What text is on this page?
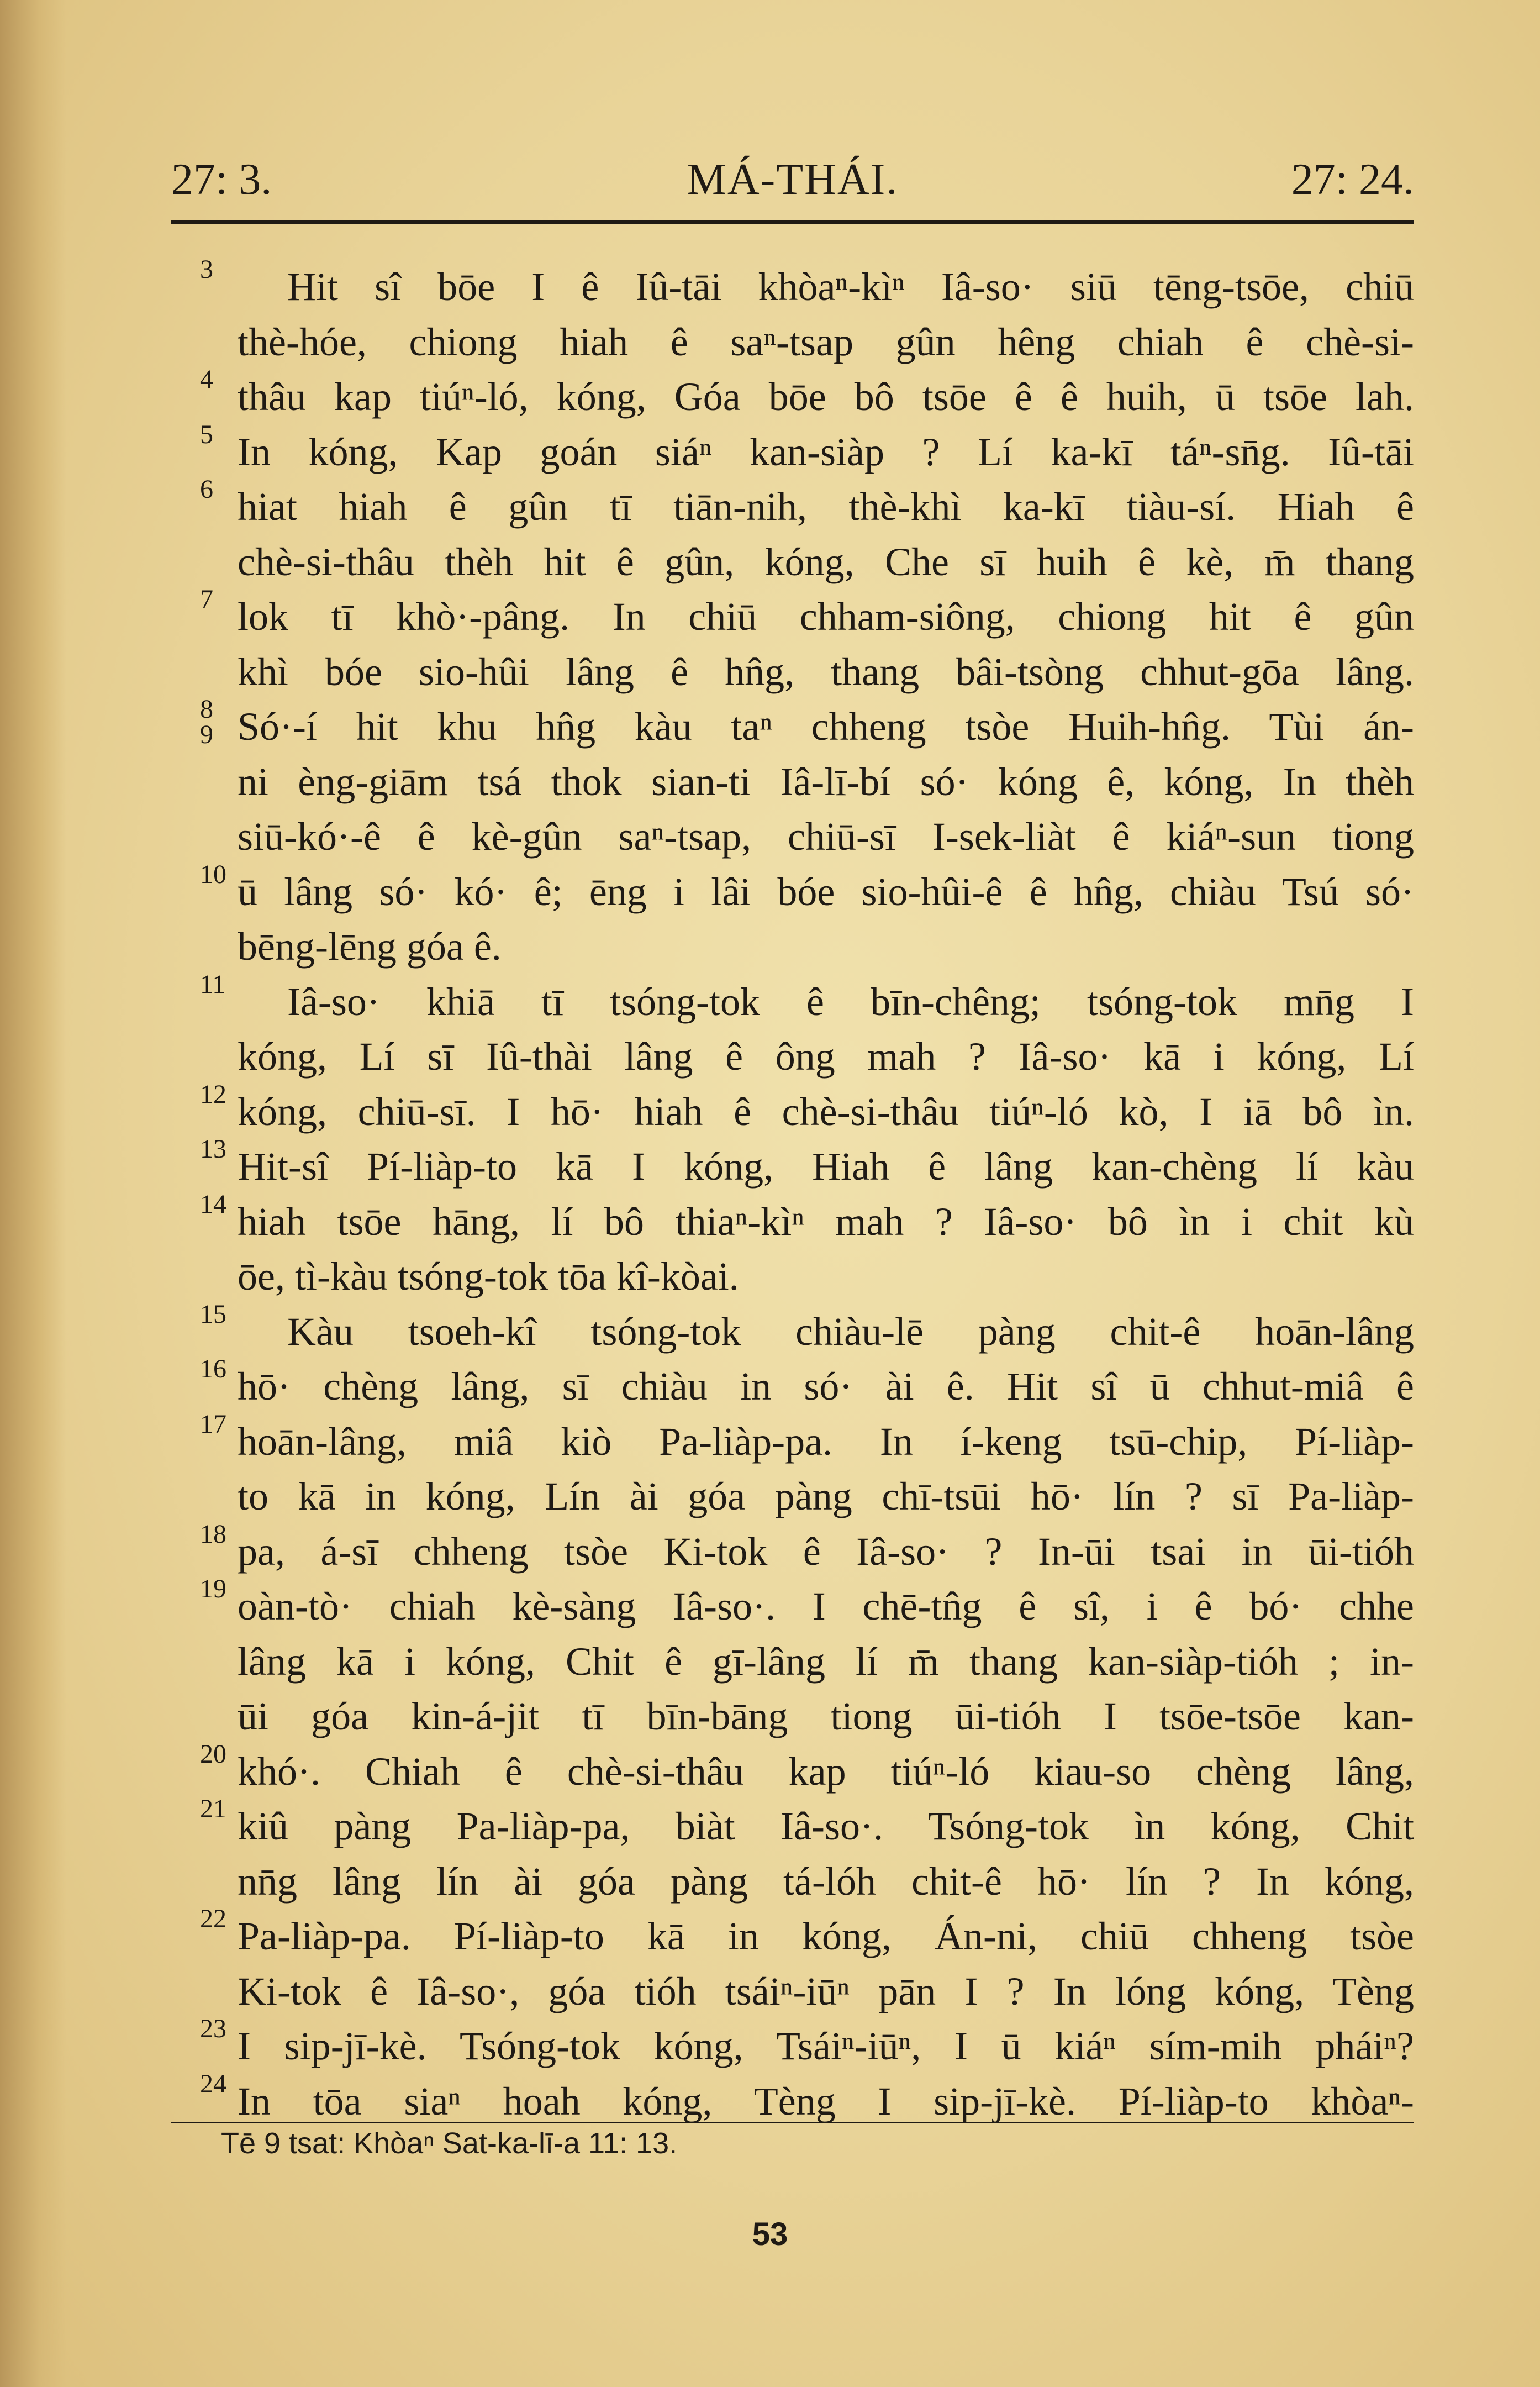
27: 3.	MÁ-THÁI.	27: 24.
3 Hit sî bōe I ê Iû-tāi khòaⁿ-kìⁿ Iâ-so· siū tēng-tsōe, chiū
thè-hóe, chiong hiah ê saⁿ-tsap gûn hêng chiah ê chè-si-
4 thâu kap tiúⁿ-ló, kóng, Góa bōe bô tsōe ê ê huih, ū tsōe lah.
5 In kóng, Kap goán siáⁿ kan-siàp ? Lí ka-kī táⁿ-sn̄g. Iû-tāi
6 hiat hiah ê gûn tī tiān-nih, thè-khì ka-kī tiàu-sí. Hiah ê
chè-si-thâu thèh hit ê gûn, kóng, Che sī huih ê kè, m̄ thang
7 lok tī khò·-pâng. In chiū chham-siông, chiong hit ê gûn
khì bóe sio-hûi lâng ê hn̂g, thang bâi-tsòng chhut-gōa lâng.
8
9 Só·-í hit khu hn̂g kàu taⁿ chheng tsòe Huih-hn̂g. Tùi án-
ni èng-giām tsá thok sian-ti Iâ-lī-bí só· kóng ê, kóng, In thèh
siū-kó·-ê ê kè-gûn saⁿ-tsap, chiū-sī I-sek-liàt ê kiáⁿ-sun tiong
10 ū lâng só· kó· ê; ēng i lâi bóe sio-hûi-ê ê hn̂g, chiàu Tsú só·
bēng-lēng góa ê.
11 Iâ-so· khiā tī tsóng-tok ê bīn-chêng; tsóng-tok mn̄g I
kóng, Lí sī Iû-thài lâng ê ông mah ? Iâ-so· kā i kóng, Lí
12 kóng, chiū-sī. I hō· hiah ê chè-si-thâu tiúⁿ-ló kò, I iā bô ìn.
13 Hit-sî Pí-liàp-to kā I kóng, Hiah ê lâng kan-chèng lí kàu
14 hiah tsōe hāng, lí bô thiaⁿ-kìⁿ mah ? Iâ-so· bô ìn i chit kù
ōe, tì-kàu tsóng-tok tōa kî-kòai.
15 Kàu tsoeh-kî tsóng-tok chiàu-lē pàng chit-ê hoān-lâng
16 hō· chèng lâng, sī chiàu in só· ài ê. Hit sî ū chhut-miâ ê
17 hoān-lâng, miâ kiò Pa-liàp-pa. In í-keng tsū-chip, Pí-liàp-
to kā in kóng, Lín ài góa pàng chī-tsūi hō· lín ? sī Pa-liàp-
18 pa, á-sī chheng tsòe Ki-tok ê Iâ-so· ? In-ūi tsai in ūi-tióh
19 oàn-tò· chiah kè-sàng Iâ-so·. I chē-tn̂g ê sî, i ê bó· chhe
lâng kā i kóng, Chit ê gī-lâng lí m̄ thang kan-siàp-tióh ; in-
ūi góa kin-á-jit tī bīn-bāng tiong ūi-tióh I tsōe-tsōe kan-
20 khó·. Chiah ê chè-si-thâu kap tiúⁿ-ló kiau-so chèng lâng,
21 kiû pàng Pa-liàp-pa, biàt Iâ-so·. Tsóng-tok ìn kóng, Chit
nn̄g lâng lín ài góa pàng tá-lóh chit-ê hō· lín ? In kóng,
22 Pa-liàp-pa. Pí-liàp-to kā in kóng, Án-ni, chiū chheng tsòe
Ki-tok ê Iâ-so·, góa tióh tsáiⁿ-iūⁿ pān I ? In lóng kóng, Tèng
23 I sip-jī-kè. Tsóng-tok kóng, Tsáiⁿ-iūⁿ, I ū kiáⁿ sím-mih pháiⁿ?
24 In tōa siaⁿ hoah kóng, Tèng I sip-jī-kè. Pí-liàp-to khòaⁿ-
Tē 9 tsat: Khòaⁿ Sat-ka-lī-a 11: 13.
53
